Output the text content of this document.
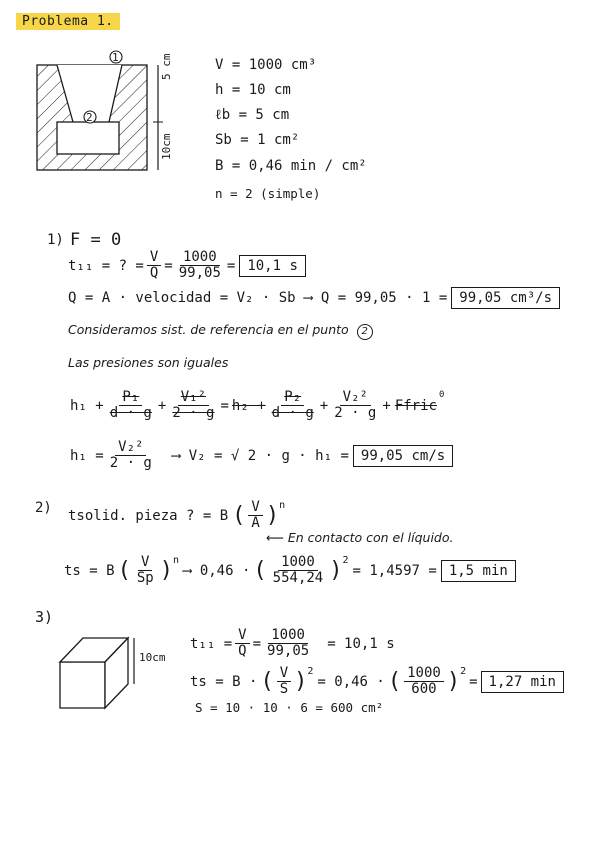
Problema 1.
1
2
5 cm
10cm
V = 1000 cm³
h = 10 cm
ℓb = 5 cm
Sb = 1 cm²
B = 0,46 min / cm²
n = 2 (simple)
1) F = 0
t₁₁ = ? = $\frac{V}{Q} = \frac{1000}{99,05} = 10,1$ s
Q = A · velocidad = V₂ · Sb ⟶ Q = 99,05 · 1 = 99,05 cm³/s
Consideramos sist. de referencia en el punto 2
Las presiones son iguales
$h_1 + \frac{\text{P₁}}{d \cdot g} + \frac{\text{V₁²}}{2 \cdot g} = h_2 + \frac{\text{P₂}}{d \cdot g} + \frac{\text{V₂²}}{2 \cdot g}$ + Ffric
0
$h_1 = \frac{\text{V₂²}}{2 \cdot g}$ ⟶ V₂ = √ 2 · g · h₁ = 99,05 cm/s
2) tsolid. pieza ? = B ( $\frac{V}{A}$ ) n
⟵ En contacto con el líquido.
ts = B ( $\frac{V}{Sp}$ ) n
⟶ 0,46 · ( $\frac{1000}{554,24}$ ) 2
= 1,4597 = 1,5 min
3)
10cm
$t_{11} = \frac{V}{Q} = \frac{1000}{99,05} = 10,1$ s
ts = B · ( $\frac{V}{S}$ ) 2
= 0,46 · ( $\frac{1000}{600}$ ) 2
= 1,27 min
S = 10 · 10 · 6 = 600 cm²
